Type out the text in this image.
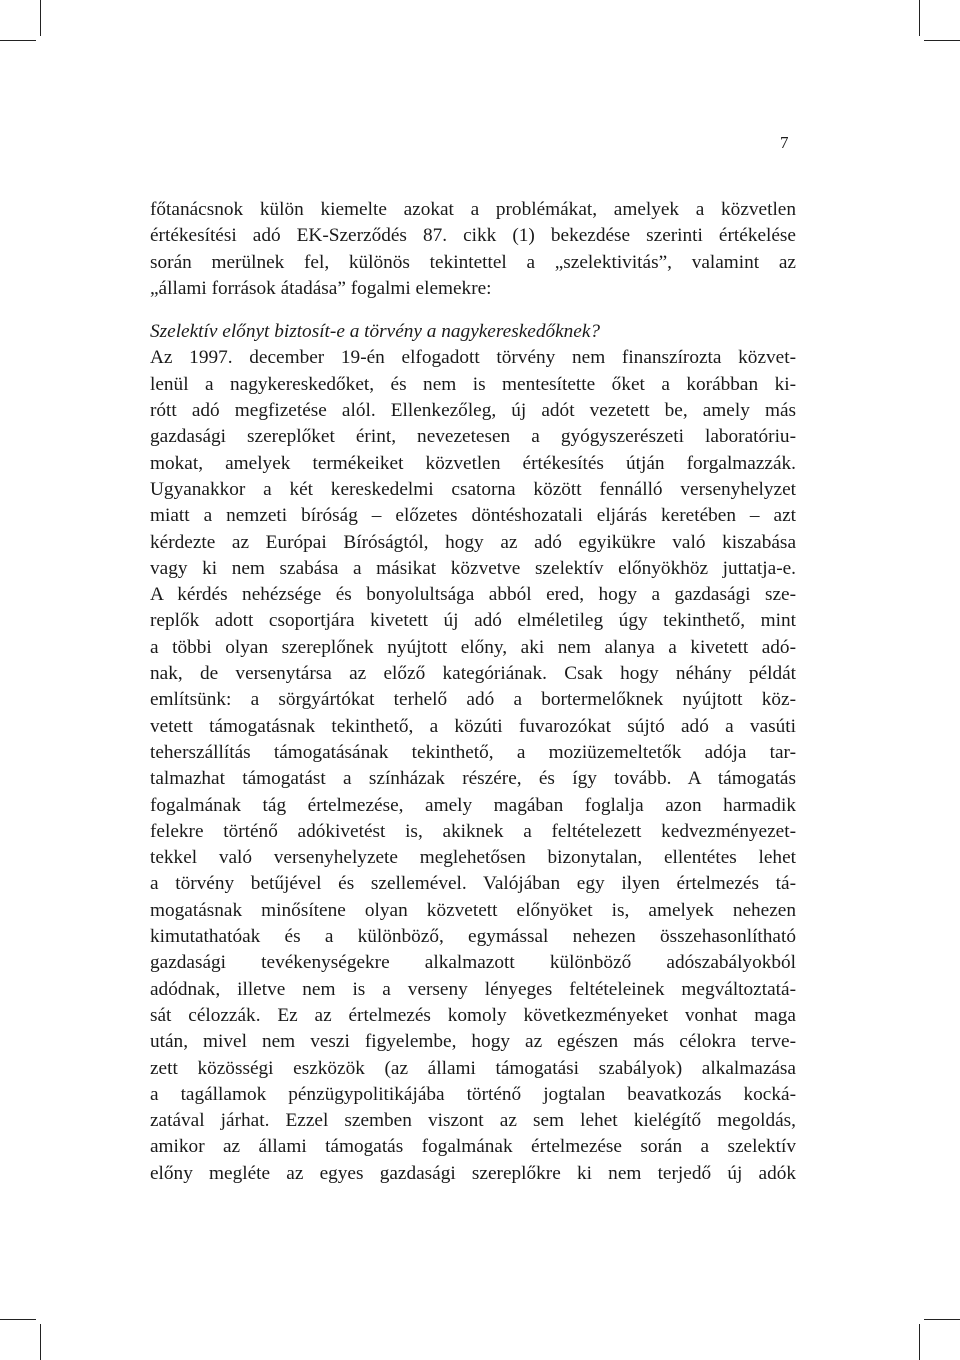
7
főtanácsnok külön kiemelte azokat a problémákat, amelyek a közvetlen
értékesítési adó EK-Szerződés 87. cikk (1) bekezdése szerinti értékelése
során merülnek fel, különös tekintettel a „szelektivitás”, valamint az
„állami források átadása” fogalmi elemekre:
Szelektív előnyt biztosít-e a törvény a nagykereskedőknek?
Az 1997. december 19-én elfogadott törvény nem finanszírozta közvet-
lenül a nagykereskedőket, és nem is mentesítette őket a korábban ki-
rótt adó megfizetése alól. Ellenkezőleg, új adót vezetett be, amely más
gazdasági szereplőket érint, nevezetesen a gyógyszerészeti laboratóriu-
mokat, amelyek termékeiket közvetlen értékesítés útján forgalmazzák.
Ugyanakkor a két kereskedelmi csatorna között fennálló versenyhelyzet
miatt a nemzeti bíróság – előzetes döntéshozatali eljárás keretében – azt
kérdezte az Európai Bíróságtól, hogy az adó egyikükre való kiszabása
vagy ki nem szabása a másikat közvetve szelektív előnyökhöz juttatja-e.
A kérdés nehézsége és bonyolultsága abból ered, hogy a gazdasági sze-
replők adott csoportjára kivetett új adó elméletileg úgy tekinthető, mint
a többi olyan szereplőnek nyújtott előny, aki nem alanya a kivetett adó-
nak, de versenytársa az előző kategóriának. Csak hogy néhány példát
említsünk: a sörgyártókat terhelő adó a bortermelőknek nyújtott köz-
vetett támogatásnak tekinthető, a közúti fuvarozókat sújtó adó a vasúti
teherszállítás támogatásának tekinthető, a moziüzemeltetők adója tar-
talmazhat támogatást a színházak részére, és így tovább. A támogatás
fogalmának tág értelmezése, amely magában foglalja azon harmadik
felekre történő adókivetést is, akiknek a feltételezett kedvezményezet-
tekkel való versenyhelyzete meglehetősen bizonytalan, ellentétes lehet
a törvény betűjével és szellemével. Valójában egy ilyen értelmezés tá-
mogatásnak minősítene olyan közvetett előnyöket is, amelyek nehezen
kimutathatóak és a különböző, egymással nehezen összehasonlítható
gazdasági tevékenységekre alkalmazott különböző adószabályokból
adódnak, illetve nem is a verseny lényeges feltételeinek megváltoztatá-
sát célozzák. Ez az értelmezés komoly következményeket vonhat maga
után, mivel nem veszi figyelembe, hogy az egészen más célokra terve-
zett közösségi eszközök (az állami támogatási szabályok) alkalmazása
a tagállamok pénzügypolitikájába történő jogtalan beavatkozás kocká-
zatával járhat. Ezzel szemben viszont az sem lehet kielégítő megoldás,
amikor az állami támogatás fogalmának értelmezése során a szelektív
előny megléte az egyes gazdasági szereplőkre ki nem terjedő új adók
